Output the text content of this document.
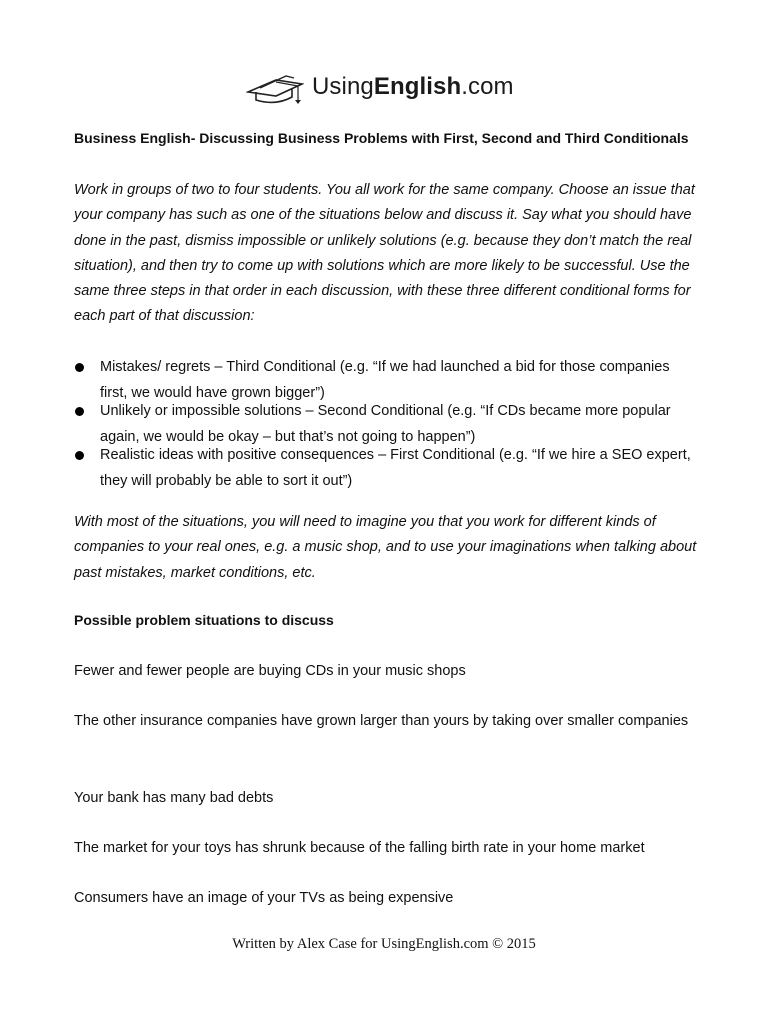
UsingEnglish.com
Business English- Discussing Business Problems with First, Second and Third Conditionals
Work in groups of two to four students. You all work for the same company. Choose an issue that your company has such as one of the situations below and discuss it. Say what you should have done in the past, dismiss impossible or unlikely solutions (e.g. because they don’t match the real situation), and then try to come up with solutions which are more likely to be successful. Use the same three steps in that order in each discussion, with these three different conditional forms for each part of that discussion:
Mistakes/ regrets – Third Conditional (e.g. “If we had launched a bid for those companies first, we would have grown bigger”)
Unlikely or impossible solutions – Second Conditional (e.g. “If CDs became more popular again, we would be okay – but that’s not going to happen”)
Realistic ideas with positive consequences – First Conditional (e.g. “If we hire a SEO expert, they will probably be able to sort it out”)
With most of the situations, you will need to imagine you that you work for different kinds of companies to your real ones, e.g. a music shop, and to use your imaginations when talking about past mistakes, market conditions, etc.
Possible problem situations to discuss
Fewer and fewer people are buying CDs in your music shops
The other insurance companies have grown larger than yours by taking over smaller companies
Your bank has many bad debts
The market for your toys has shrunk because of the falling birth rate in your home market
Consumers have an image of your TVs as being expensive
Written by Alex Case for UsingEnglish.com © 2015
